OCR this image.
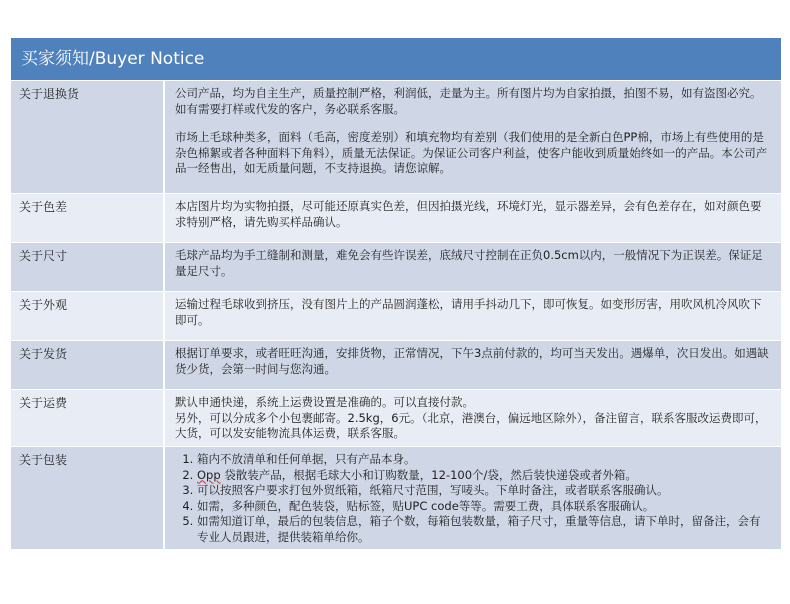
买家须知/Buyer Notice
关于退换货	公司产品，均为自主生产，质量控制严格，利润低，走量为主。所有图片均为自家拍摄，拍图不易，如有盗图必究。如有需要打样或代发的客户，务必联系客服。

市场上毛球种类多，面料（毛高，密度差别）和填充物均有差别（我们使用的是全新白色PP棉，市场上有些使用的是杂色棉絮或者各种面料下角料），质量无法保证。为保证公司客户利益，使客户能收到质量始终如一的产品。本公司产品一经售出，如无质量问题，不支持退换。请您谅解。

关于色差	本店图片均为实物拍摄，尽可能还原真实色差，但因拍摄光线，环境灯光，显示器差异，会有色差存在，如对颜色要求特别严格，请先购买样品确认。
关于尺寸	毛球产品均为手工缝制和测量，难免会有些许误差，底绒尺寸控制在正负0.5cm以内，一般情况下为正误差。保证足量足尺寸。
关于外观	运输过程毛球收到挤压，没有图片上的产品圆润蓬松，请用手抖动几下，即可恢复。如变形厉害，用吹风机冷风吹下即可。
关于发货	根据订单要求，或者旺旺沟通，安排货物，正常情况，下午3点前付款的，均可当天发出。遇爆单，次日发出。如遇缺货少货，会第一时间与您沟通。
关于运费	默认申通快递，系统上运费设置是准确的。可以直接付款。

另外，可以分成多个小包裹邮寄。2.5kg，6元。（北京，港澳台，偏远地区除外），备注留言，联系客服改运费即可，大货，可以发安能物流具体运费，联系客服。

关于包装
1.	箱内不放清单和任何单据，只有产品本身。
2. Opp 袋散装产品，根据毛球大小和订购数量，12-100个/袋，然后装快递袋或者外箱。
3. 可以按照客户要求打包外贸纸箱，纸箱尺寸范围，写唛头。下单时备注，或者联系客服确认。
4. 如需，多种颜色，配色装袋，贴标签，贴UPC code等等。需要工费，具体联系客服确认。
5. 如需知道订单，最后的包装信息，箱子个数，每箱包装数量，箱子尺寸，重量等信息，请下单时，留备注，会有专业人员跟进，提供装箱单给你。
